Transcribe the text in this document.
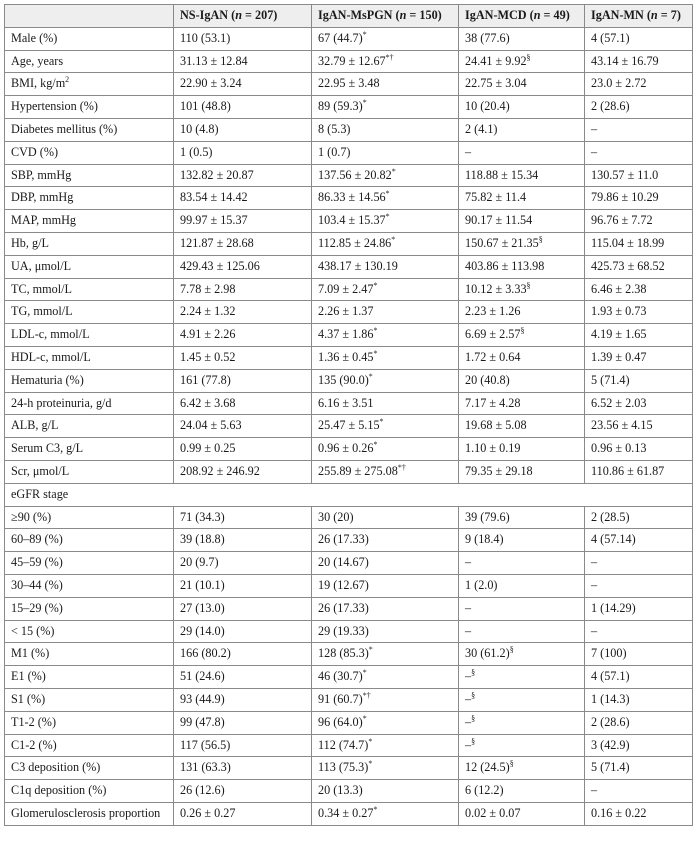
	NS-IgAN (n = 207)	IgAN-MsPGN (n = 150)	IgAN-MCD (n = 49)	IgAN-MN (n = 7)
Male (%)	110 (53.1)	67 (44.7)*	38 (77.6)	4 (57.1)
Age, years	31.13 ± 12.84	32.79 ± 12.67*†	24.41 ± 9.92§	43.14 ± 16.79
BMI, $kg/m^2$	22.90 ± 3.24	22.95 ± 3.48	22.75 ± 3.04	23.0 ± 2.72
Hypertension (%)	101 (48.8)	89 (59.3)*	10 (20.4)	2 (28.6)
Diabetes mellitus (%)	10 (4.8)	8 (5.3)	2 (4.1)	–
CVD (%)	1 (0.5)	1 (0.7)	–	–
SBP, mmHg	132.82 ± 20.87	137.56 ± 20.82*	118.88 ± 15.34	130.57 ± 11.0
DBP, mmHg	83.54 ± 14.42	86.33 ± 14.56*	75.82 ± 11.4	79.86 ± 10.29
MAP, mmHg	99.97 ± 15.37	103.4 ± 15.37*	90.17 ± 11.54	96.76 ± 7.72
Hb, g/L	121.87 ± 28.68	112.85 ± 24.86*	150.67 ± 21.35§	115.04 ± 18.99
UA, μmol/L	429.43 ± 125.06	438.17 ± 130.19	403.86 ± 113.98	425.73 ± 68.52
TC, mmol/L	7.78 ± 2.98	7.09 ± 2.47*	10.12 ± 3.33§	6.46 ± 2.38
TG, mmol/L	2.24 ± 1.32	2.26 ± 1.37	2.23 ± 1.26	1.93 ± 0.73
LDL-c, mmol/L	4.91 ± 2.26	4.37 ± 1.86*	6.69 ± 2.57§	4.19 ± 1.65
HDL-c, mmol/L	1.45 ± 0.52	1.36 ± 0.45*	1.72 ± 0.64	1.39 ± 0.47
Hematuria (%)	161 (77.8)	135 (90.0)*	20 (40.8)	5 (71.4)
24-h proteinuria, g/d	6.42 ± 3.68	6.16 ± 3.51	7.17 ± 4.28	6.52 ± 2.03
ALB, g/L	24.04 ± 5.63	25.47 ± 5.15*	19.68 ± 5.08	23.56 ± 4.15
Serum C3, g/L	0.99 ± 0.25	0.96 ± 0.26*	1.10 ± 0.19	0.96 ± 0.13
Scr, μmol/L	208.92 ± 246.92	255.89 ± 275.08*†	79.35 ± 29.18	110.86 ± 61.87
eGFR stage				
≥90 (%)	71 (34.3)	30 (20)	39 (79.6)	2 (28.5)
60–89 (%)	39 (18.8)	26 (17.33)	9 (18.4)	4 (57.14)
45–59 (%)	20 (9.7)	20 (14.67)	–	–
30–44 (%)	21 (10.1)	19 (12.67)	1 (2.0)	–
15–29 (%)	27 (13.0)	26 (17.33)	–	1 (14.29)
< 15 (%)	29 (14.0)	29 (19.33)	–	–
M1 (%)	166 (80.2)	128 (85.3)*	30 (61.2)§	7 (100)
E1 (%)	51 (24.6)	46 (30.7)*	–§	4 (57.1)
S1 (%)	93 (44.9)	91 (60.7)*†	–§	1 (14.3)
T1-2 (%)	99 (47.8)	96 (64.0)*	–§	2 (28.6)
C1-2 (%)	117 (56.5)	112 (74.7)*	–§	3 (42.9)
C3 deposition (%)	131 (63.3)	113 (75.3)*	12 (24.5)§	5 (71.4)
C1q deposition (%)	26 (12.6)	20 (13.3)	6 (12.2)	–
Glomerulosclerosis proportion	0.26 ± 0.27	0.34 ± 0.27*	0.02 ± 0.07	0.16 ± 0.22
